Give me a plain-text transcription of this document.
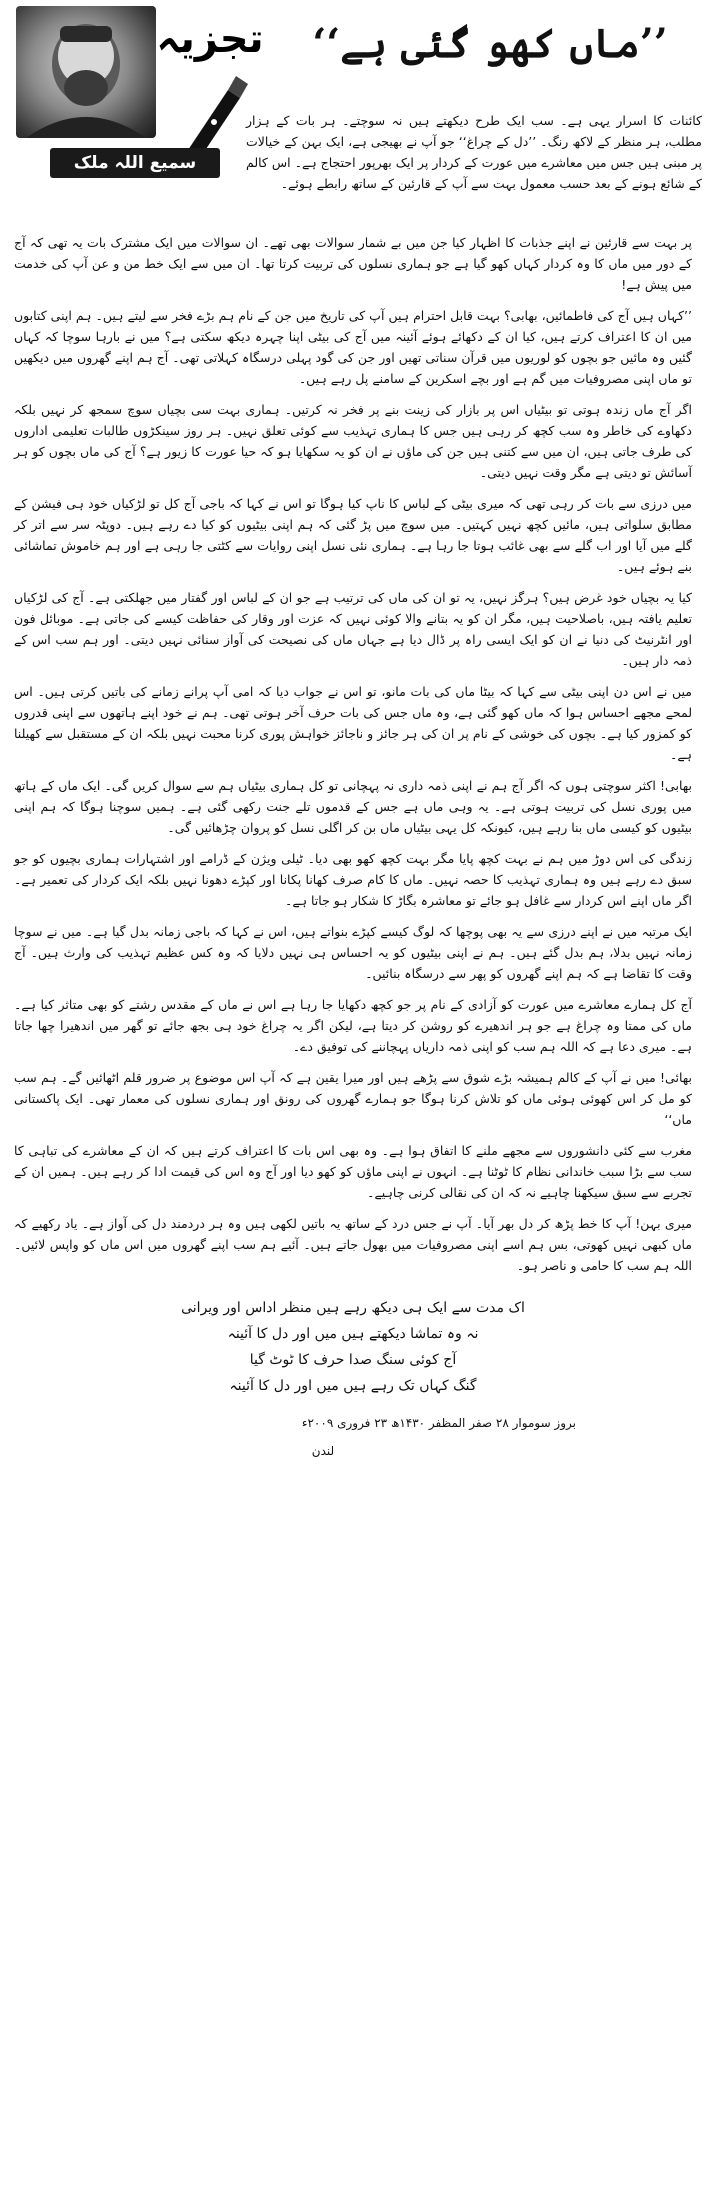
تجزیہ
سمیع اللہ ملک
’’ماں کھو گئی ہے‘‘
کائنات کا اسرار یہی ہے۔ سب ایک طرح دیکھتے ہیں نہ سوچتے۔ ہر بات کے ہزار مطلب، ہر منظر کے لاکھ رنگ۔ ’’دل کے چراغ‘‘ جو آپ نے بھیجی ہے، ایک بہن کے خیالات پر مبنی ہیں جس میں معاشرے میں عورت کے کردار پر ایک بھرپور احتجاج ہے۔ اس کالم کے شائع ہونے کے بعد حسب معمول بہت سے آپ کے قارئین کے ساتھ رابطے ہوئے۔

پر بہت سے قارئین نے اپنے جذبات کا اظہار کیا جن میں بے شمار سوالات بھی تھے۔ ان سوالات میں ایک مشترک بات یہ تھی کہ آج کے دور میں ماں کا وہ کردار کہاں کھو گیا ہے جو ہماری نسلوں کی تربیت کرتا تھا۔ ان میں سے ایک خط من و عن آپ کی خدمت میں پیش ہے!

’’کہاں ہیں آج کی فاطمائیں، بھابی؟ بہت قابل احترام ہیں آپ کی تاریخ میں جن کے نام ہم بڑے فخر سے لیتے ہیں۔ ہم اپنی کتابوں میں ان کا اعتراف کرتے ہیں، کیا ان کے دکھائے ہوئے آئینہ میں آج کی بیٹی اپنا چہرہ دیکھ سکتی ہے؟ میں نے بارہا سوچا کہ کہاں گئیں وہ مائیں جو بچوں کو لوریوں میں قرآن سناتی تھیں اور جن کی گود پہلی درسگاہ کہلاتی تھی۔ آج ہم اپنے گھروں میں دیکھیں تو ماں اپنی مصروفیات میں گم ہے اور بچے اسکرین کے سامنے پل رہے ہیں۔

اگر آج ماں زندہ ہوتی تو بیٹیاں اس پر بازار کی زینت بنے پر فخر نہ کرتیں۔ ہماری بہت سی بچیاں سوچ سمجھ کر نہیں بلکہ دکھاوے کی خاطر وہ سب کچھ کر رہی ہیں جس کا ہماری تہذیب سے کوئی تعلق نہیں۔ ہر روز سینکڑوں طالبات تعلیمی اداروں کی طرف جاتی ہیں، ان میں سے کتنی ہیں جن کی ماؤں نے ان کو یہ سکھایا ہو کہ حیا عورت کا زیور ہے؟ آج کی ماں بچوں کو ہر آسائش تو دیتی ہے مگر وقت نہیں دیتی۔

میں درزی سے بات کر رہی تھی کہ میری بیٹی کے لباس کا ناپ کیا ہوگا تو اس نے کہا کہ باجی آج کل تو لڑکیاں خود ہی فیشن کے مطابق سلواتی ہیں، مائیں کچھ نہیں کہتیں۔ میں سوچ میں پڑ گئی کہ ہم اپنی بیٹیوں کو کیا دے رہے ہیں۔ دوپٹہ سر سے اتر کر گلے میں آیا اور اب گلے سے بھی غائب ہوتا جا رہا ہے۔ ہماری نئی نسل اپنی روایات سے کٹتی جا رہی ہے اور ہم خاموش تماشائی بنے ہوئے ہیں۔

کیا یہ بچیاں خود غرض ہیں؟ ہرگز نہیں، یہ تو ان کی ماں کی ترتیب ہے جو ان کے لباس اور گفتار میں جھلکتی ہے۔ آج کی لڑکیاں تعلیم یافتہ ہیں، باصلاحیت ہیں، مگر ان کو یہ بتانے والا کوئی نہیں کہ عزت اور وقار کی حفاظت کیسے کی جاتی ہے۔ موبائل فون اور انٹرنیٹ کی دنیا نے ان کو ایک ایسی راہ پر ڈال دیا ہے جہاں ماں کی نصیحت کی آواز سنائی نہیں دیتی۔ اور ہم سب اس کے ذمہ دار ہیں۔

میں نے اس دن اپنی بیٹی سے کہا کہ بیٹا ماں کی بات مانو، تو اس نے جواب دیا کہ امی آپ پرانے زمانے کی باتیں کرتی ہیں۔ اس لمحے مجھے احساس ہوا کہ ماں کھو گئی ہے، وہ ماں جس کی بات حرف آخر ہوتی تھی۔ ہم نے خود اپنے ہاتھوں سے اپنی قدروں کو کمزور کیا ہے۔ بچوں کی خوشی کے نام پر ان کی ہر جائز و ناجائز خواہش پوری کرنا محبت نہیں بلکہ ان کے مستقبل سے کھیلنا ہے۔

بھابی! اکثر سوچتی ہوں کہ اگر آج ہم نے اپنی ذمہ داری نہ پہچانی تو کل ہماری بیٹیاں ہم سے سوال کریں گی۔ ایک ماں کے ہاتھ میں پوری نسل کی تربیت ہوتی ہے۔ یہ وہی ماں ہے جس کے قدموں تلے جنت رکھی گئی ہے۔ ہمیں سوچنا ہوگا کہ ہم اپنی بیٹیوں کو کیسی ماں بنا رہے ہیں، کیونکہ کل یہی بیٹیاں ماں بن کر اگلی نسل کو پروان چڑھائیں گی۔

زندگی کی اس دوڑ میں ہم نے بہت کچھ پایا مگر بہت کچھ کھو بھی دیا۔ ٹیلی ویژن کے ڈرامے اور اشتہارات ہماری بچیوں کو جو سبق دے رہے ہیں وہ ہماری تہذیب کا حصہ نہیں۔ ماں کا کام صرف کھانا پکانا اور کپڑے دھونا نہیں بلکہ ایک کردار کی تعمیر ہے۔ اگر ماں اپنے اس کردار سے غافل ہو جائے تو معاشرہ بگاڑ کا شکار ہو جاتا ہے۔

ایک مرتبہ میں نے اپنے درزی سے یہ بھی پوچھا کہ لوگ کیسے کپڑے بنواتے ہیں، اس نے کہا کہ باجی زمانہ بدل گیا ہے۔ میں نے سوچا زمانہ نہیں بدلا، ہم بدل گئے ہیں۔ ہم نے اپنی بیٹیوں کو یہ احساس ہی نہیں دلایا کہ وہ کس عظیم تہذیب کی وارث ہیں۔ آج وقت کا تقاضا ہے کہ ہم اپنے گھروں کو پھر سے درسگاہ بنائیں۔

آج کل ہمارے معاشرے میں عورت کو آزادی کے نام پر جو کچھ دکھایا جا رہا ہے اس نے ماں کے مقدس رشتے کو بھی متاثر کیا ہے۔ ماں کی ممتا وہ چراغ ہے جو ہر اندھیرے کو روشن کر دیتا ہے، لیکن اگر یہ چراغ خود ہی بجھ جائے تو گھر میں اندھیرا چھا جاتا ہے۔ میری دعا ہے کہ اللہ ہم سب کو اپنی ذمہ داریاں پہچاننے کی توفیق دے۔

بھائی! میں نے آپ کے کالم ہمیشہ بڑے شوق سے پڑھے ہیں اور میرا یقین ہے کہ آپ اس موضوع پر ضرور قلم اٹھائیں گے۔ ہم سب کو مل کر اس کھوئی ہوئی ماں کو تلاش کرنا ہوگا جو ہمارے گھروں کی رونق اور ہماری نسلوں کی معمار تھی۔ ایک پاکستانی ماں‘‘

مغرب سے کئی دانشوروں سے مجھے ملنے کا اتفاق ہوا ہے۔ وہ بھی اس بات کا اعتراف کرتے ہیں کہ ان کے معاشرے کی تباہی کا سب سے بڑا سبب خاندانی نظام کا ٹوٹنا ہے۔ انہوں نے اپنی ماؤں کو کھو دیا اور آج وہ اس کی قیمت ادا کر رہے ہیں۔ ہمیں ان کے تجربے سے سبق سیکھنا چاہیے نہ کہ ان کی نقالی کرنی چاہیے۔

میری بہن! آپ کا خط پڑھ کر دل بھر آیا۔ آپ نے جس درد کے ساتھ یہ باتیں لکھی ہیں وہ ہر دردمند دل کی آواز ہے۔ یاد رکھیے کہ ماں کبھی نہیں کھوتی، بس ہم اسے اپنی مصروفیات میں بھول جاتے ہیں۔ آئیے ہم سب اپنے گھروں میں اس ماں کو واپس لائیں۔ اللہ ہم سب کا حامی و ناصر ہو۔

اک مدت سے ایک ہی دیکھ رہے ہیں منظر اداس اور ویرانی
نہ وہ تماشا دیکھتے ہیں میں اور دل کا آئینہ
آج کوئی سنگ صدا حرف کا ٹوٹ گیا
گنگ کہاں تک رہے ہیں میں اور دل کا آئینہ
بروز سوموار ۲۸ صفر المظفر ۱۴۳۰ھ ۲۳ فروری ۲۰۰۹ء
لندن
